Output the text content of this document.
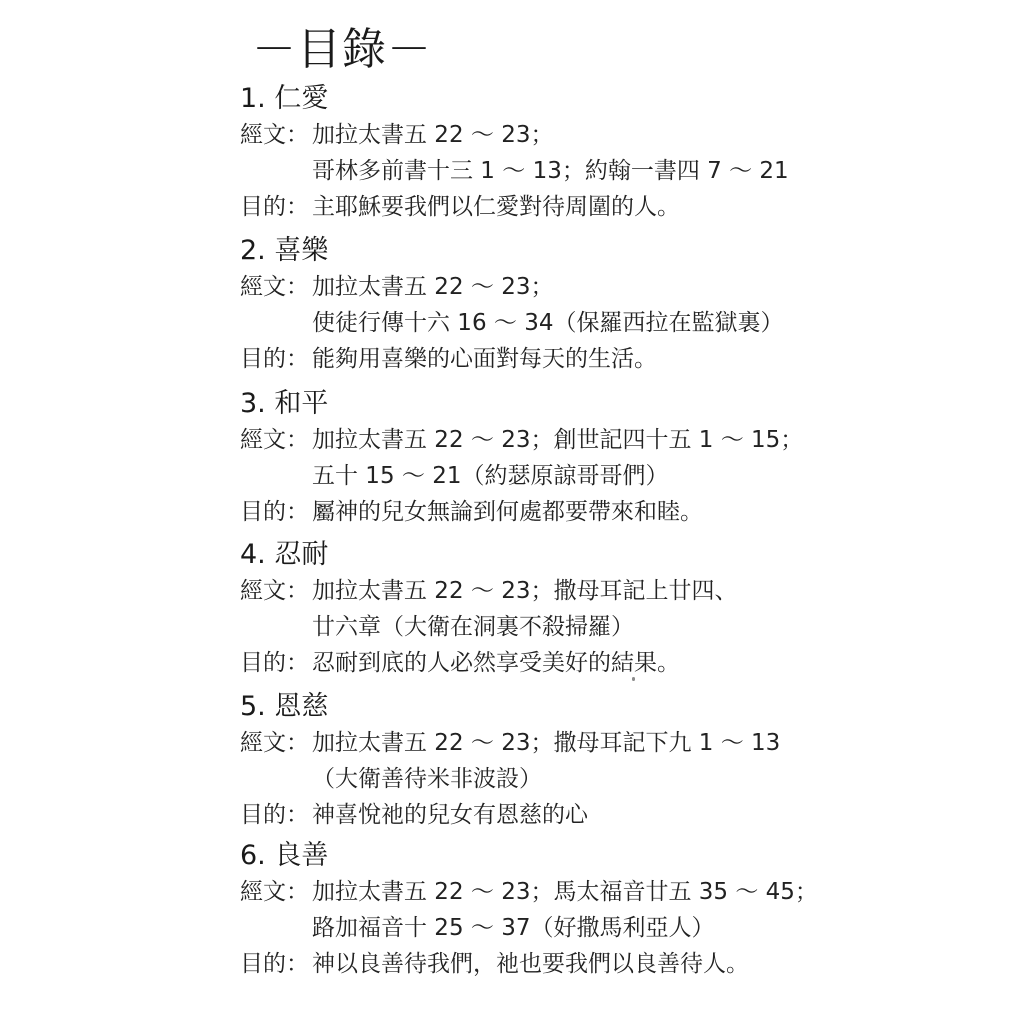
－目錄－
1. 仁愛
經文： 加拉太書五 22 ～ 23；
哥林多前書十三 1 ～ 13；約翰一書四 7 ～ 21
目的： 主耶穌要我們以仁愛對待周圍的人。
2. 喜樂
經文： 加拉太書五 22 ～ 23；
使徒行傳十六 16 ～ 34（保羅西拉在監獄裏）
目的： 能夠用喜樂的心面對每天的生活。
3. 和平
經文： 加拉太書五 22 ～ 23；創世記四十五 1 ～ 15；
五十 15 ～ 21（約瑟原諒哥哥們）
目的： 屬神的兒女無論到何處都要帶來和睦。
4. 忍耐
經文： 加拉太書五 22 ～ 23；撒母耳記上廿四、
廿六章（大衛在洞裏不殺掃羅）
目的： 忍耐到底的人必然享受美好的結果。
5. 恩慈
經文： 加拉太書五 22 ～ 23；撒母耳記下九 1 ～ 13
（大衛善待米非波設）
目的： 神喜悅祂的兒女有恩慈的心
6. 良善
經文： 加拉太書五 22 ～ 23；馬太福音廿五 35 ～ 45；
路加福音十 25 ～ 37（好撒馬利亞人）
目的： 神以良善待我們，祂也要我們以良善待人。
